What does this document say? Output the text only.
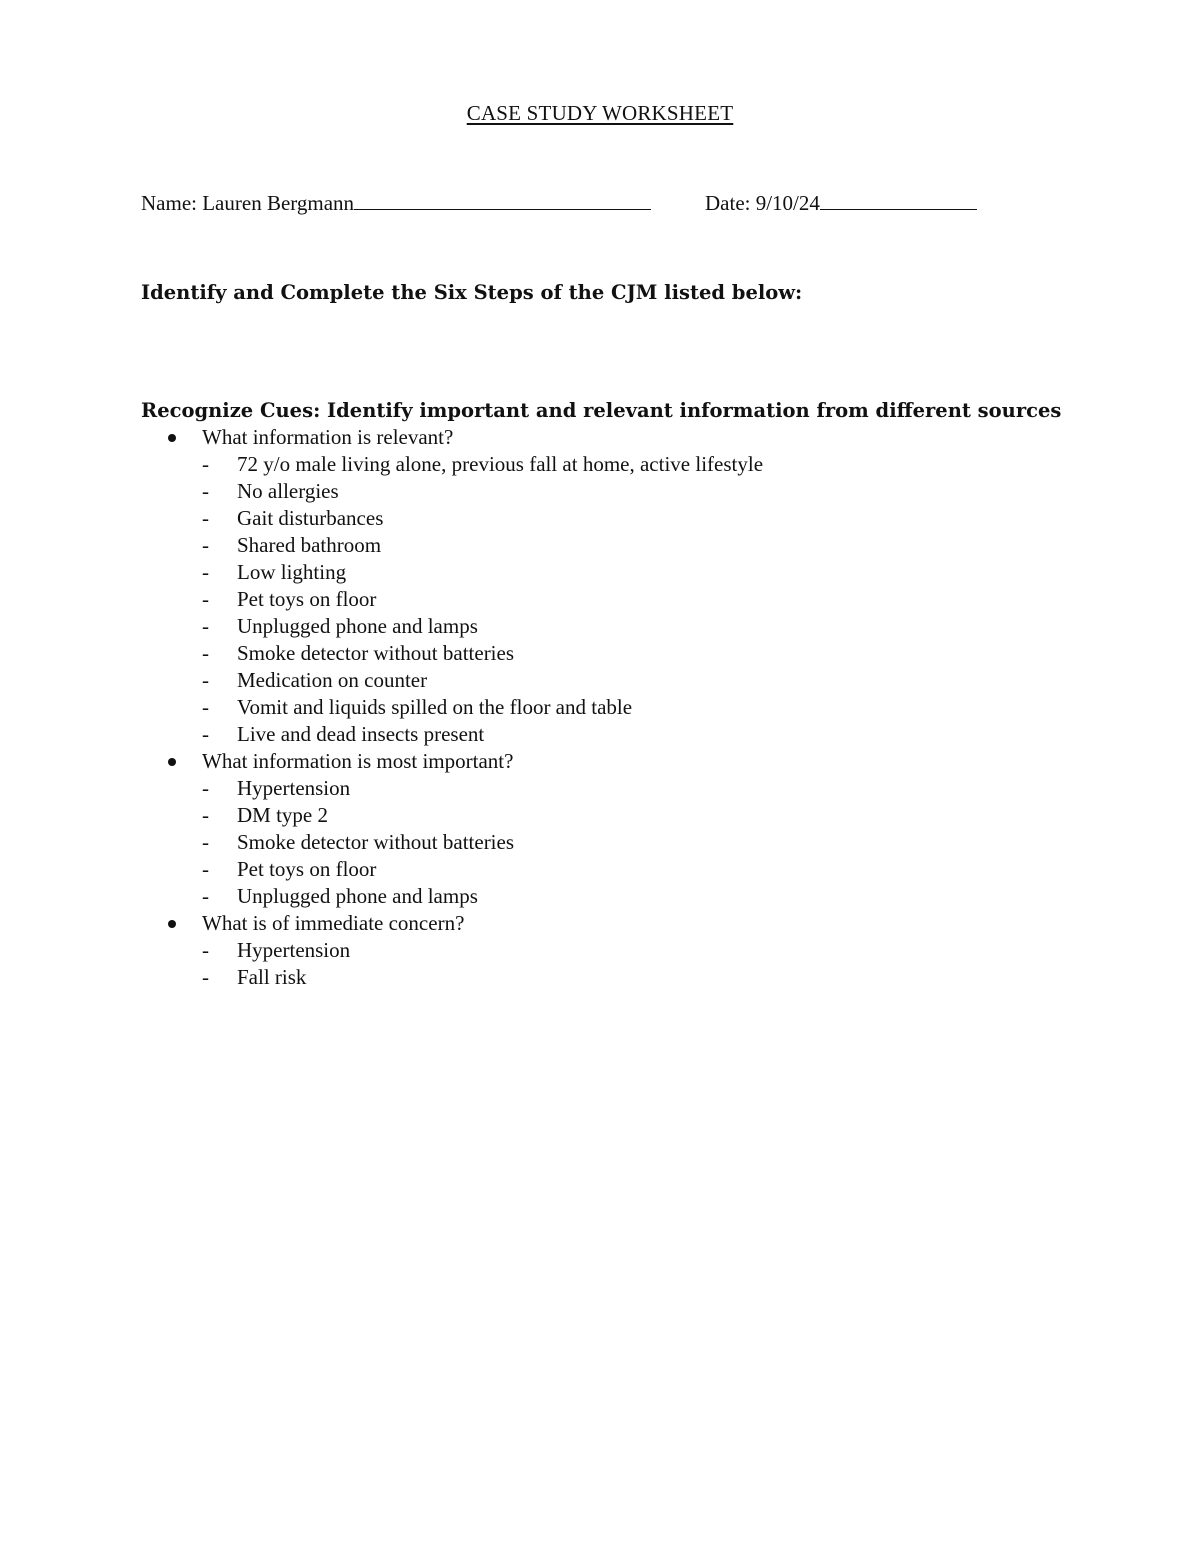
CASE STUDY WORKSHEET
Name: Lauren Bergmann	Date: 9/10/24
Identify and Complete the Six Steps of the CJM listed below:
Recognize Cues: Identify important and relevant information from different sources
What information is relevant?
- 72 y/o male living alone, previous fall at home, active lifestyle
- No allergies
- Gait disturbances
- Shared bathroom
- Low lighting
- Pet toys on floor
- Unplugged phone and lamps
- Smoke detector without batteries
- Medication on counter
- Vomit and liquids spilled on the floor and table
- Live and dead insects present
What information is most important?
- Hypertension
- DM type 2
- Smoke detector without batteries
- Pet toys on floor
- Unplugged phone and lamps
What is of immediate concern?
- Hypertension
- Fall risk
